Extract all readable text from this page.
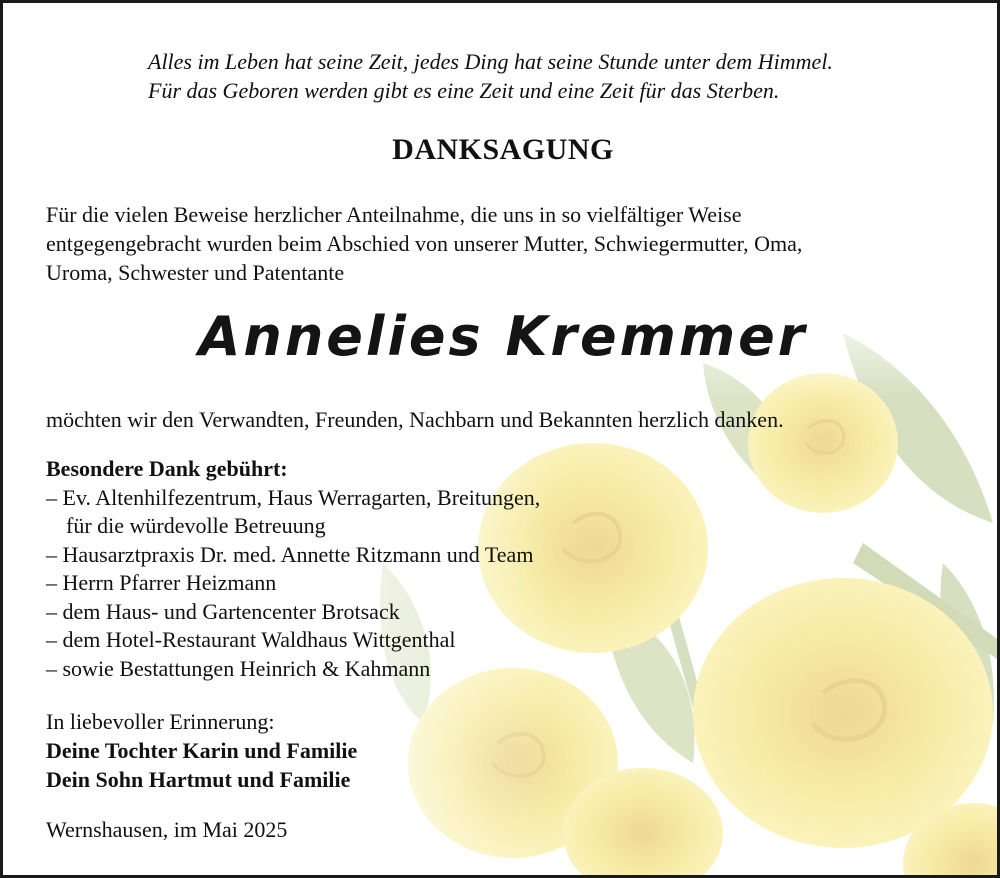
Alles im Leben hat seine Zeit, jedes Ding hat seine Stunde unter dem Himmel.
Für das Geboren werden gibt es eine Zeit und eine Zeit für das Sterben.

DANKSAGUNG

Für die vielen Beweise herzlicher Anteilnahme, die uns in so vielfältiger Weise
entgegengebracht wurden beim Abschied von unserer Mutter, Schwiegermutter, Oma,
Uroma, Schwester und Patentante

Annelies Kremmer

möchten wir den Verwandten, Freunden, Nachbarn und Bekannten herzlich danken.

Besondere Dank gebührt:
– Ev. Altenhilfezentrum, Haus Werragarten, Breitungen,
für die würdevolle Betreuung
– Hausarztpraxis Dr. med. Annette Ritzmann und Team
– Herrn Pfarrer Heizmann
– dem Haus- und Gartencenter Brotsack
– dem Hotel-Restaurant Waldhaus Wittgenthal
– sowie Bestattungen Heinrich & Kahmann
In liebevoller Erinnerung:
Deine Tochter Karin und Familie
Dein Sohn Hartmut und Familie

Wernshausen, im Mai 2025
